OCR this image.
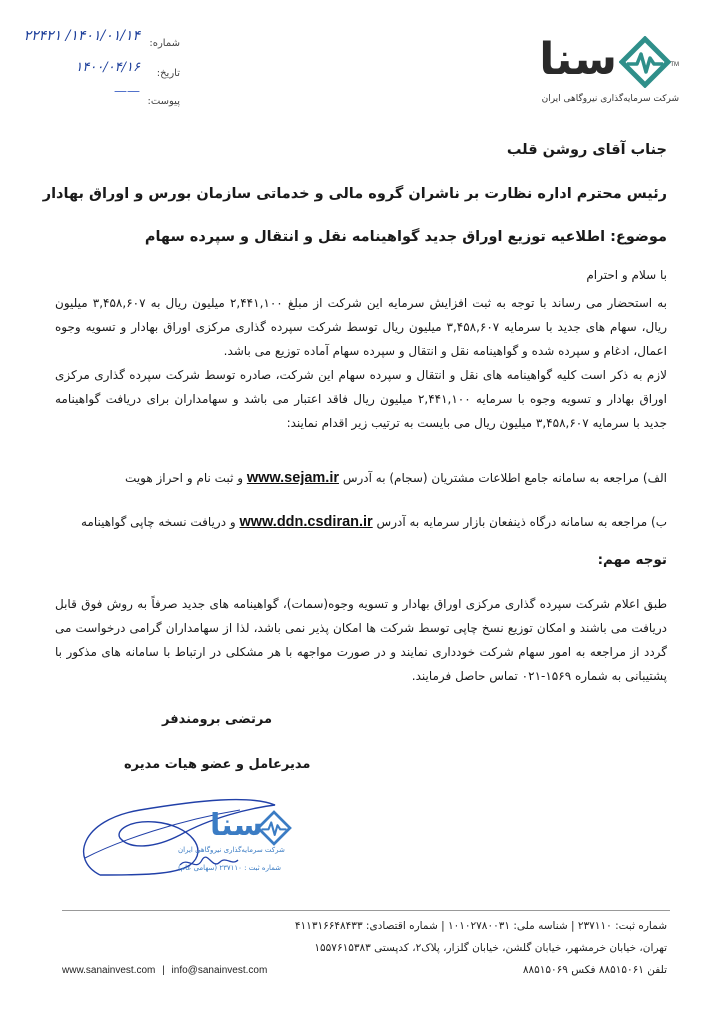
شماره:
۱۴۰۱/۰۱/۱۴/ ۲۲۴۲۱
تاریخ:
۱۴۰۰/۰۴/۱۶
پیوست:
——
TM
سنا
شرکت سرمایه‌گذاری نیروگاهی ایران
جناب آقای روشن قلب
رئیس محترم اداره نظارت بر ناشران گروه مالی و خدماتی سازمان بورس و اوراق بهادار
موضوع: اطلاعیه توزیع اوراق جدید گواهینامه نقل و انتقال و سپرده سهام
با سلام و احترام

به استحضار می رساند با توجه به ثبت افزایش سرمایه این شرکت از مبلغ ۲,۴۴۱,۱۰۰ میلیون ریال به ۳,۴۵۸,۶۰۷ میلیون ریال، سهام های جدید با سرمایه ۳,۴۵۸,۶۰۷ میلیون ریال توسط شرکت سپرده گذاری مرکزی اوراق بهادار و تسویه وجوه اعمال، ادغام و سپرده شده و گواهینامه نقل و انتقال و سپرده سهام آماده توزیع می باشد.

لازم به ذکر است کلیه گواهینامه های نقل و انتقال و سپرده سهام این شرکت، صادره توسط شرکت سپرده گذاری مرکزی اوراق بهادار و تسویه وجوه با سرمایه ۲,۴۴۱,۱۰۰ میلیون ریال فاقد اعتبار می باشد و سهامداران برای دریافت گواهینامه جدید با سرمایه ۳,۴۵۸,۶۰۷ میلیون ریال می بایست به ترتیب زیر اقدام نمایند:

الف) مراجعه به سامانه جامع اطلاعات مشتریان (سجام) به آدرس www.sejam.ir و ثبت نام و احراز هویت
ب) مراجعه به سامانه درگاه ذینفعان بازار سرمایه به آدرس www.ddn.csdiran.ir و دریافت نسخه چاپی گواهینامه
توجه مهم:

طبق اعلام شرکت سپرده گذاری مرکزی اوراق بهادار و تسویه وجوه(سمات)، گواهینامه های جدید صرفاً به روش فوق قابل دریافت می باشند و امکان توزیع نسخ چاپی توسط شرکت ها امکان پذیر نمی باشد، لذا از سهامداران گرامی درخواست می گردد از مراجعه به امور سهام شرکت خودداری نمایند و در صورت مواجهه با هر مشکلی در ارتباط با سامانه های مذکور با پشتیبانی به شماره ۱۵۶۹-۰۲۱ تماس حاصل فرمایند.

مرتضی برومندفر
مدیرعامل و عضو هیات مدیره
سنا
شرکت سرمایه‌گذاری نیروگاهی ایران
شماره ثبت : ۲۳۷۱۱۰ (سهامی عام)
شماره ثبت: ۲۳۷۱۱۰ | شناسه ملی: ۱۰۱۰۲۷۸۰۰۳۱ | شماره اقتصادی: ۴۱۱۳۱۶۶۴۸۴۳۳
تهران، خیابان خرمشهر، خیابان گلشن، خیابان گلزار، پلاک۲، کدپستی ۱۵۵۷۶۱۵۳۸۳
تلفن ۸۸۵۱۵۰۶۱ فکس ۸۸۵۱۵۰۶۹
www.sanainvest.com | info@sanainvest.com
